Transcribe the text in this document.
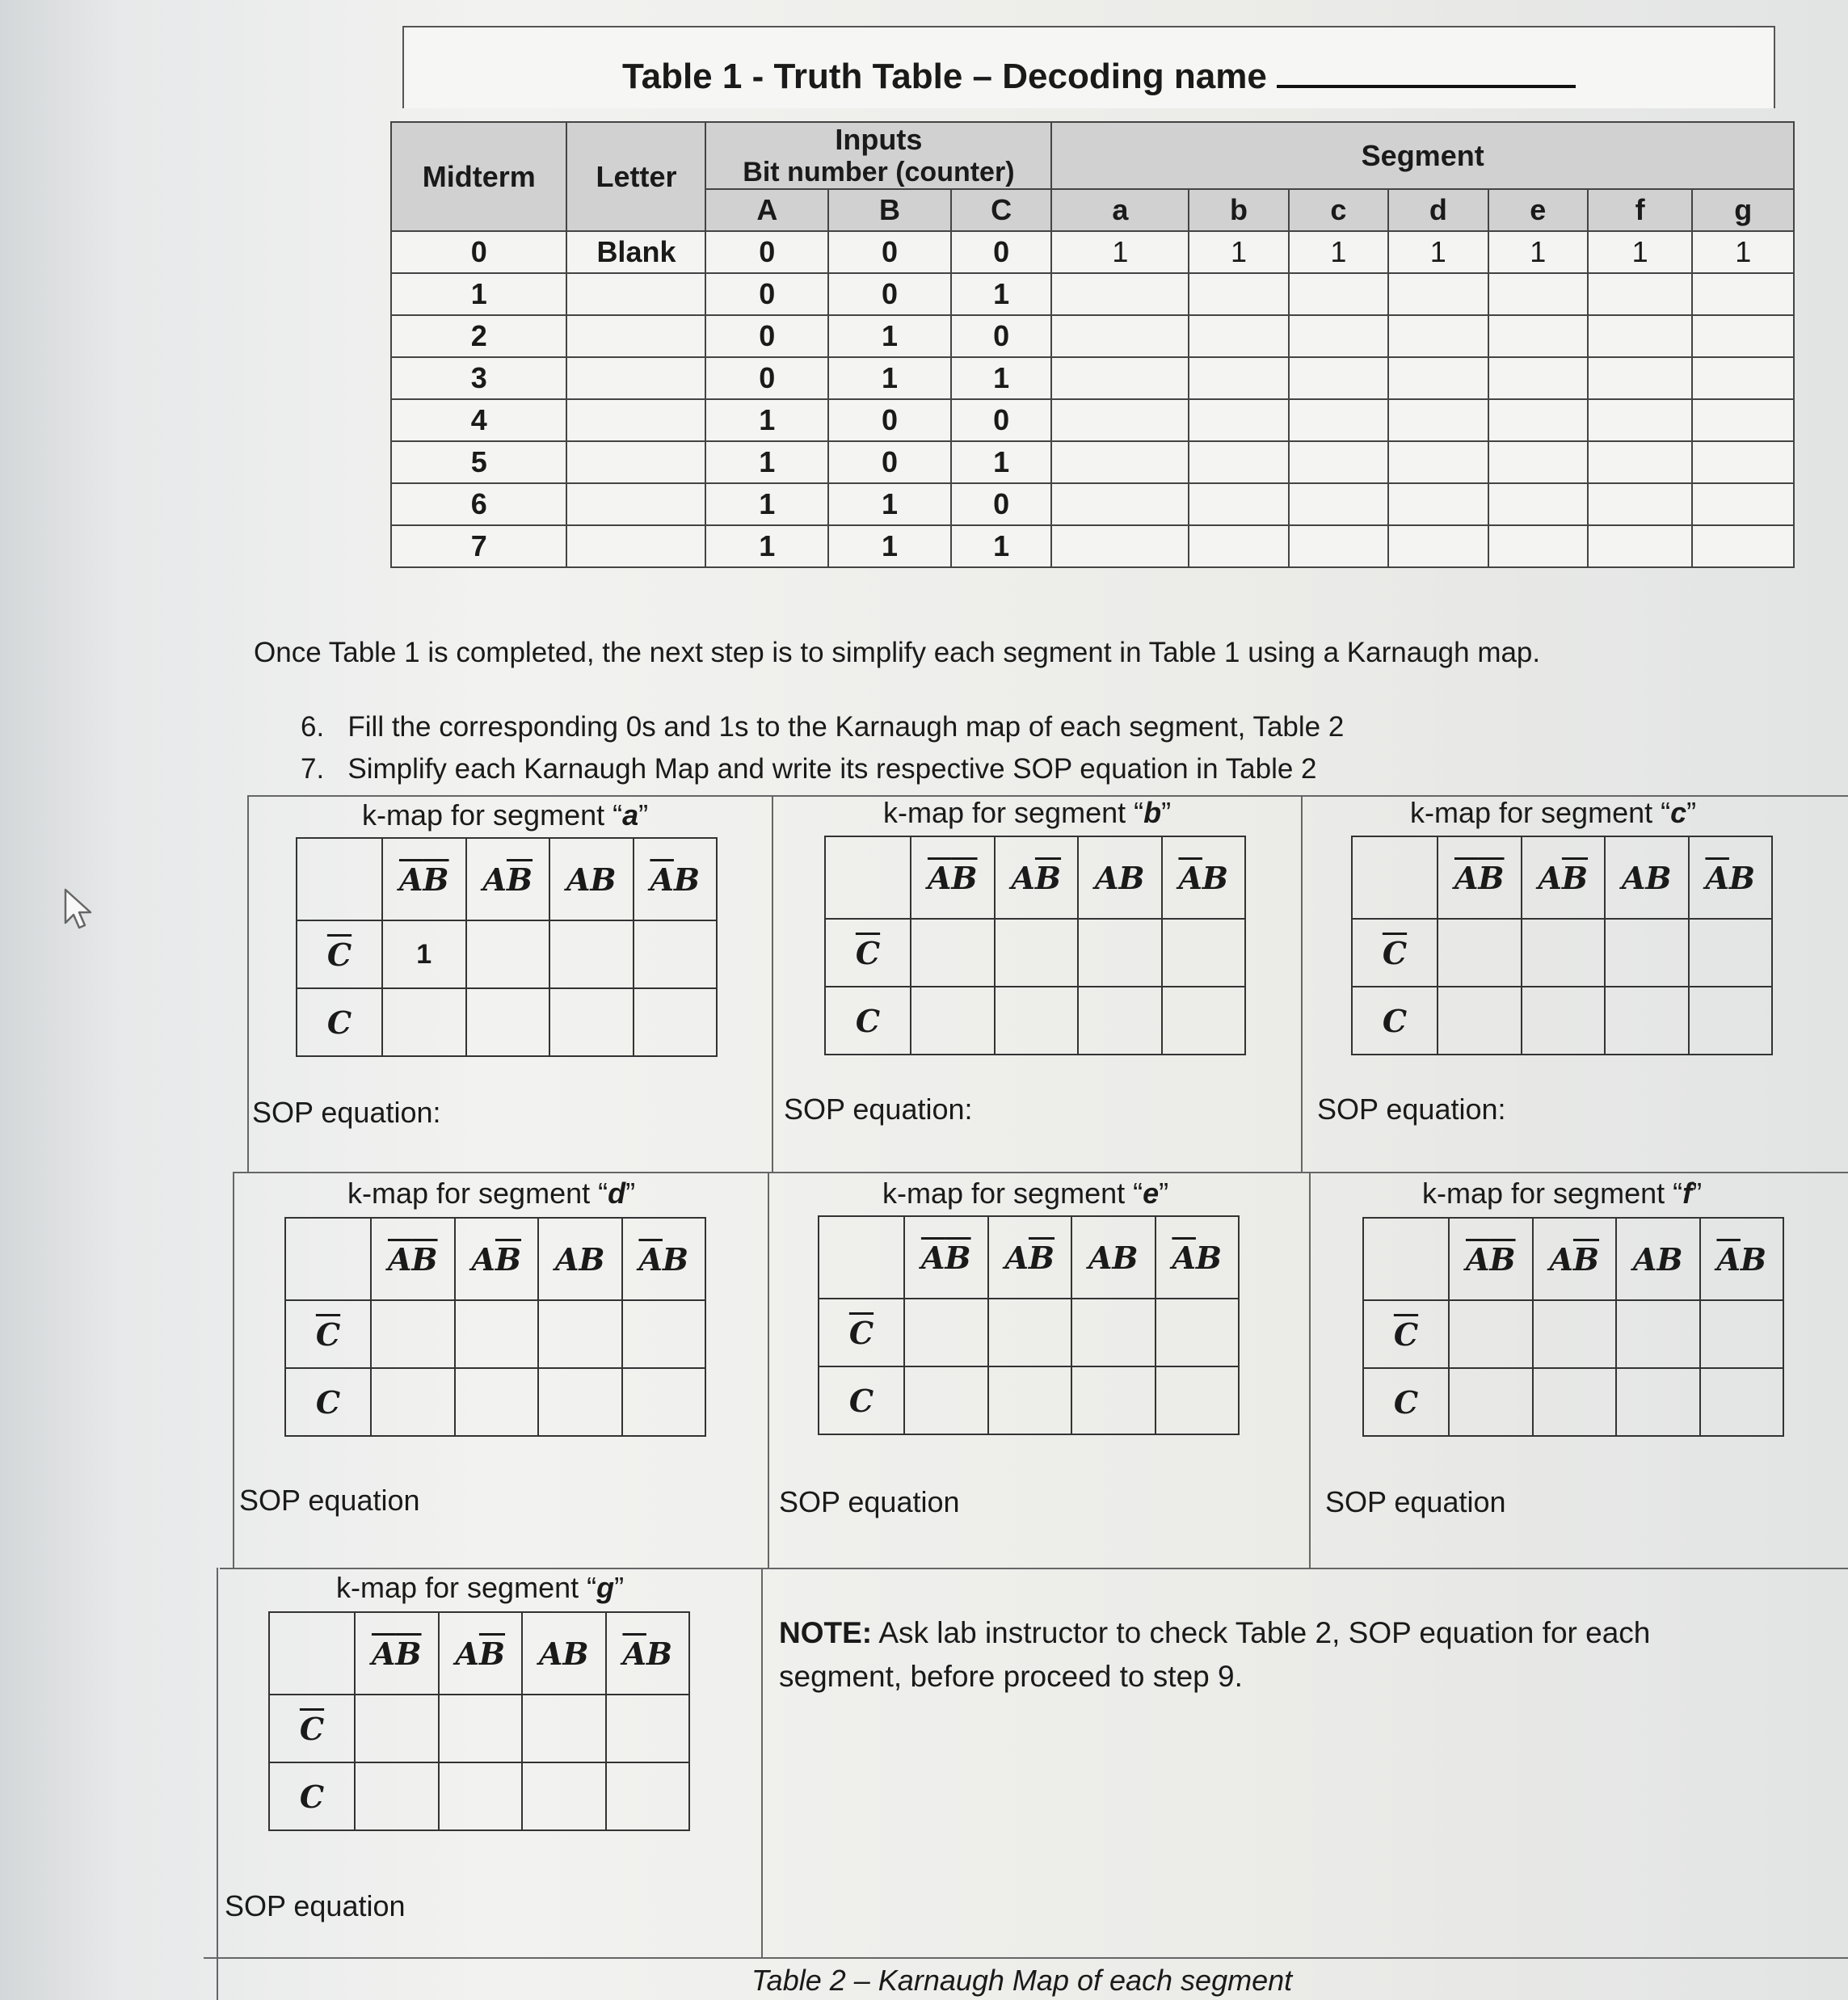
Table 1 - Truth Table – Decoding name
Midterm	Letter	Inputs
Bit number (counter)			Segment						
		A	B	C	a	b	c	d	e	f	g
0	Blank	0	0	0	1	1	1	1	1	1	1
1		0	0	1							
2		0	1	0							
3		0	1	1							
4		1	0	0							
5		1	0	1							
6		1	1	0							
7		1	1	1							
Once Table 1 is completed, the next step is to simplify each segment in Table 1 using a Karnaugh map.
6. Fill the corresponding 0s and 1s to the Karnaugh map of each segment, Table 2
7. Simplify each Karnaugh Map and write its respective SOP equation in Table 2
k-map for segment “a”
	$\overline{A}\overline{B}$	$A\overline{B}$	AB	$\overline{A}B$
$\overline{C}$	1			
C				
SOP equation:
k-map for segment “b”
	$\overline{A}\overline{B}$	$A\overline{B}$	AB	$\overline{A}B$
$\overline{C}$				
C				
SOP equation:
k-map for segment “c”
	$\overline{A}\overline{B}$	$A\overline{B}$	AB	$\overline{A}B$
$\overline{C}$				
C				
SOP equation:
k-map for segment “d”
	$\overline{A}\overline{B}$	$A\overline{B}$	AB	$\overline{A}B$
$\overline{C}$				
C				
SOP equation
k-map for segment “e”
	$\overline{A}\overline{B}$	$A\overline{B}$	AB	$\overline{A}B$
$\overline{C}$				
C				
SOP equation
k-map for segment “f”
	$\overline{A}\overline{B}$	$A\overline{B}$	AB	$\overline{A}B$
$\overline{C}$				
C				
SOP equation
k-map for segment “g”
	$\overline{A}\overline{B}$	$A\overline{B}$	AB	$\overline{A}B$
$\overline{C}$				
C				
SOP equation
NOTE: Ask lab instructor to check Table 2, SOP equation for each segment, before proceed to step 9.
Table 2 – Karnaugh Map of each segment
